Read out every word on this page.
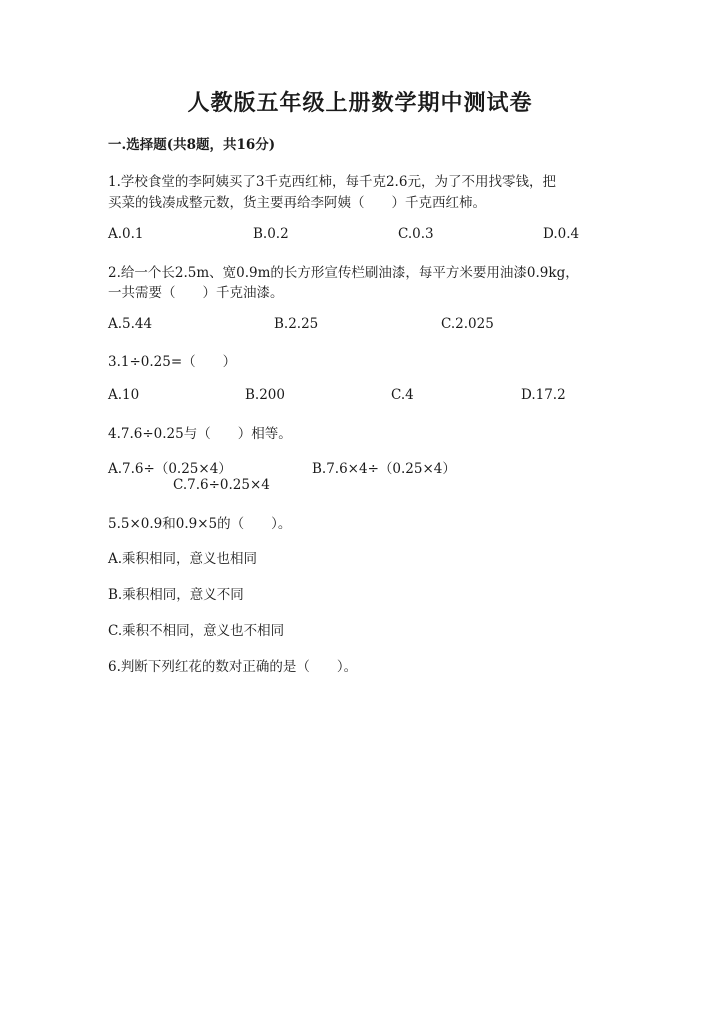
人教版五年级上册数学期中测试卷
一.选择题(共8题，共16分)
1.学校食堂的李阿姨买了3千克西红柿，每千克2.6元，为了不用找零钱，把
买菜的钱凑成整元数，货主要再给李阿姨（　　）千克西红柿。
A.0.1	B.0.2	C.0.3	D.0.4
2.给一个长2.5m、宽0.9m的长方形宣传栏刷油漆，每平方米要用油漆0.9kg，
一共需要（　　）千克油漆。
A.5.44	B.2.25	C.2.025
3.1÷0.25=（　　）
A.10	B.200	C.4	D.17.2
4.7.6÷0.25与（　　）相等。
A.7.6÷（0.25×4）	B.7.6×4÷（0.25×4）
C.7.6÷0.25×4
5.5×0.9和0.9×5的（　　）。
A.乘积相同，意义也相同
B.乘积相同，意义不同
C.乘积不相同，意义也不相同
6.判断下列红花的数对正确的是（　　）。
